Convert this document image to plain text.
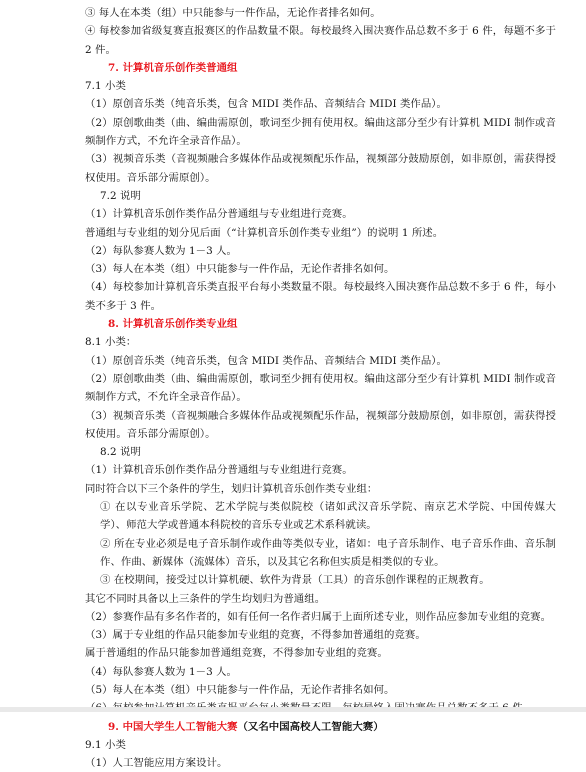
③ 每人在本类（组）中只能参与一件作品，无论作者排名如何。
④ 每校参加省级复赛直报赛区的作品数量不限。每校最终入围决赛作品总数不多于 6 件，每题不多于 2 件。
7. 计算机音乐创作类普通组
7.1 小类
（1）原创音乐类（纯音乐类，包含 MIDI 类作品、音频结合 MIDI 类作品）。
（2）原创歌曲类（曲、编曲需原创，歌词至少拥有使用权。编曲这部分至少有计算机 MIDI 制作或音频制作方式，不允许全录音作品）。
（3）视频音乐类（音视频融合多媒体作品或视频配乐作品，视频部分鼓励原创，如非原创，需获得授权使用。音乐部分需原创）。
7.2 说明
（1）计算机音乐创作类作品分普通组与专业组进行竞赛。
普通组与专业组的划分见后面（“计算机音乐创作类专业组”）的说明 1 所述。
（2）每队参赛人数为 1－3 人。
（3）每人在本类（组）中只能参与一件作品，无论作者排名如何。
（4）每校参加计算机音乐类直报平台每小类数量不限。每校最终入围决赛作品总数不多于 6 件，每小类不多于 3 件。
8. 计算机音乐创作类专业组
8.1 小类：
（1）原创音乐类（纯音乐类，包含 MIDI 类作品、音频结合 MIDI 类作品）。
（2）原创歌曲类（曲、编曲需原创，歌词至少拥有使用权。编曲这部分至少有计算机 MIDI 制作或音频制作方式，不允许全录音作品）。
（3）视频音乐类（音视频融合多媒体作品或视频配乐作品，视频部分鼓励原创，如非原创，需获得授权使用。音乐部分需原创）。
8.2 说明
（1）计算机音乐创作类作品分普通组与专业组进行竞赛。
同时符合以下三个条件的学生，划归计算机音乐创作类专业组：
① 在以专业音乐学院、艺术学院与类似院校（诸如武汉音乐学院、南京艺术学院、中国传媒大学）、师范大学或普通本科院校的音乐专业或艺术系科就读。
② 所在专业必须是电子音乐制作或作曲等类似专业，诸如：电子音乐制作、电子音乐作曲、音乐制作、作曲、新媒体（流媒体）音乐，以及其它名称但实质是相类似的专业。
③ 在校期间，接受过以计算机硬、软件为背景（工具）的音乐创作课程的正规教育。
其它不同时具备以上三条件的学生均划归为普通组。
（2）参赛作品有多名作者的，如有任何一名作者归属于上面所述专业，则作品应参加专业组的竞赛。
（3）属于专业组的作品只能参加专业组的竞赛，不得参加普通组的竞赛。
属于普通组的作品只能参加普通组竞赛，不得参加专业组的竞赛。
（4）每队参赛人数为 1－3 人。
（5）每人在本类（组）中只能参与一件作品，无论作者排名如何。
9. 中国大学生人工智能大赛（又名中国高校人工智能大赛）
9.1 小类
（1）人工智能应用方案设计。
